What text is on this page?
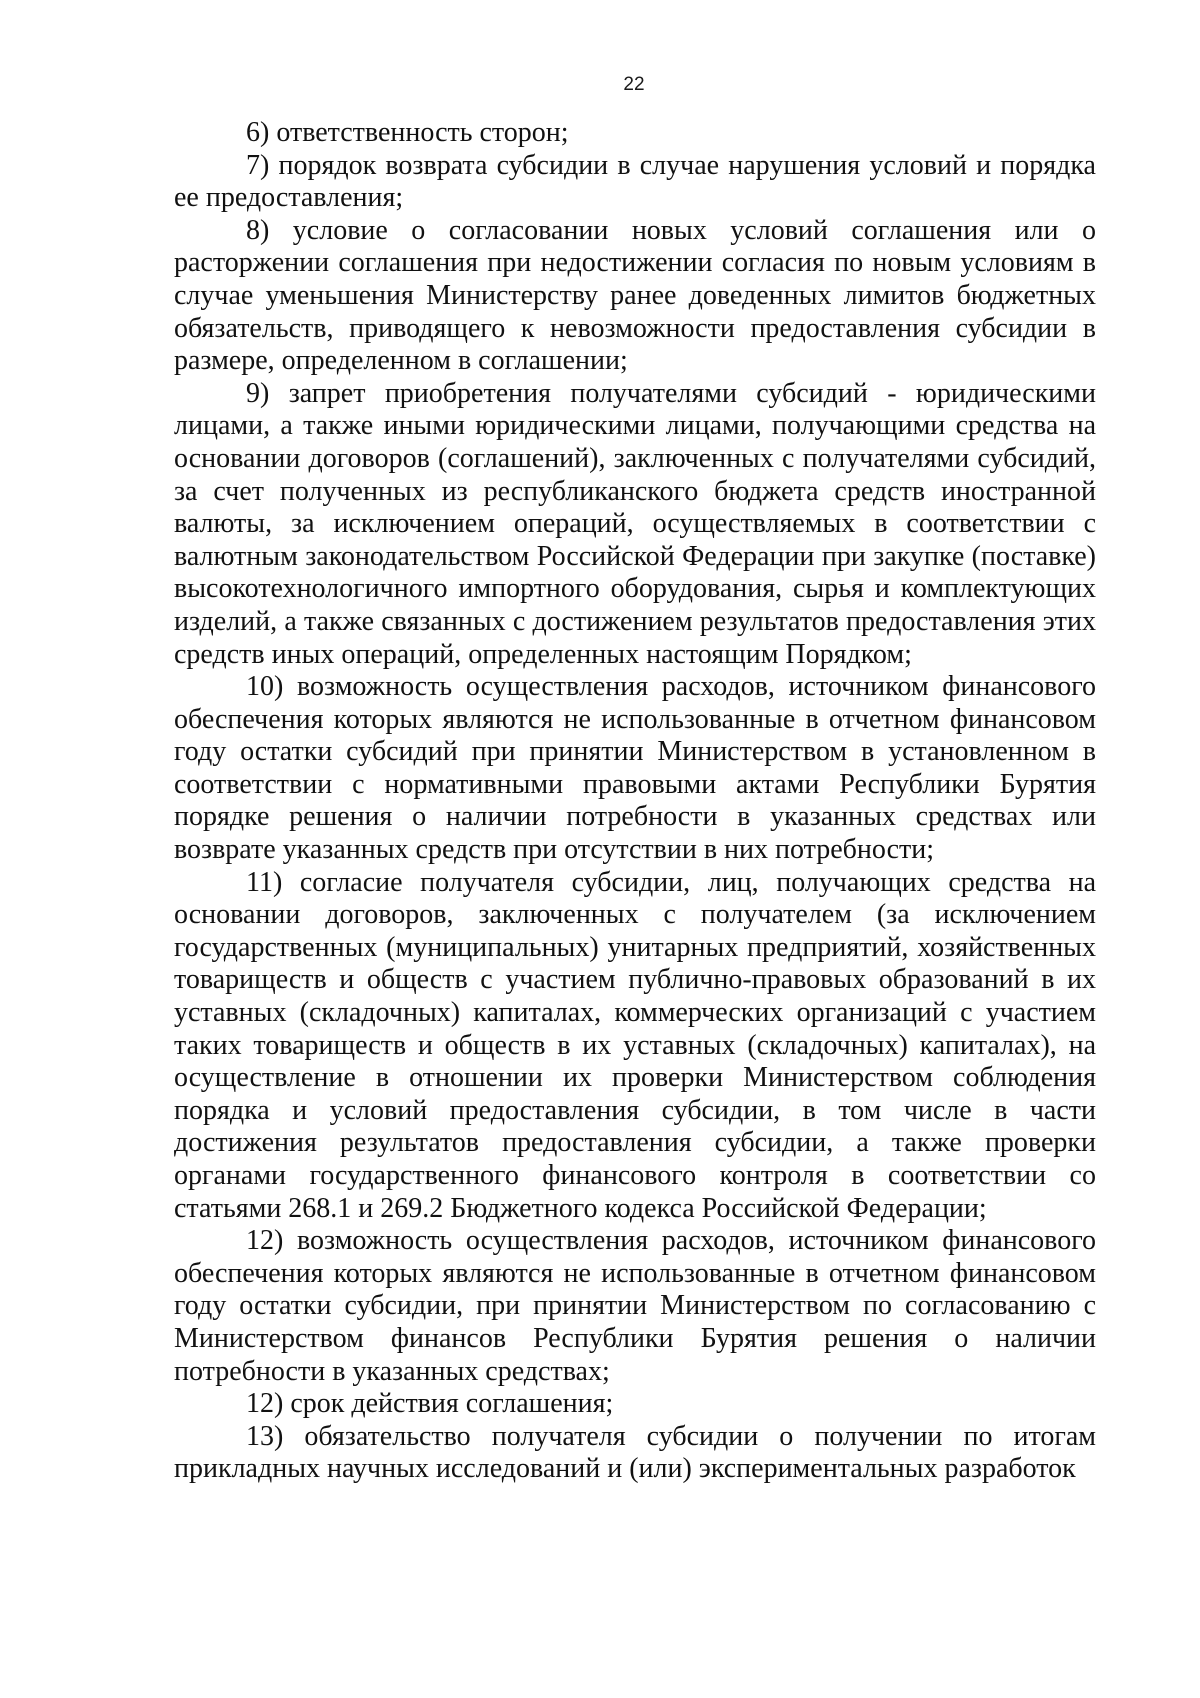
22

6) ответственность сторон;

7) порядок возврата субсидии в случае нарушения условий и порядка ее предоставления;

8) условие о согласовании новых условий соглашения или о расторжении соглашения при недостижении согласия по новым условиям в случае уменьшения Министерству ранее доведенных лимитов бюджетных обязательств, приводящего к невозможности предоставления субсидии в размере, определенном в соглашении;

9) запрет приобретения получателями субсидий - юридическими лицами, а также иными юридическими лицами, получающими средства на основании договоров (соглашений), заключенных с получателями субсидий, за счет полученных из республиканского бюджета средств иностранной валюты, за исключением операций, осуществляемых в соответствии с валютным законодательством Российской Федерации при закупке (поставке) высокотехнологичного импортного оборудования, сырья и комплектующих изделий, а также связанных с достижением результатов предоставления этих средств иных операций, определенных настоящим Порядком;

10) возможность осуществления расходов, источником финансового обеспечения которых являются не использованные в отчетном финансовом году остатки субсидий при принятии Министерством в установленном в соответствии с нормативными правовыми актами Республики Бурятия порядке решения о наличии потребности в указанных средствах или возврате указанных средств при отсутствии в них потребности;

11) согласие получателя субсидии, лиц, получающих средства на основании договоров, заключенных с получателем (за исключением государственных (муниципальных) унитарных предприятий, хозяйственных товариществ и обществ с участием публично-правовых образований в их уставных (складочных) капиталах, коммерческих организаций с участием таких товариществ и обществ в их уставных (складочных) капиталах), на осуществление в отношении их проверки Министерством соблюдения порядка и условий предоставления субсидии, в том числе в части достижения результатов предоставления субсидии, а также проверки органами государственного финансового контроля в соответствии со статьями 268.1 и 269.2 Бюджетного кодекса Российской Федерации;

12) возможность осуществления расходов, источником финансового обеспечения которых являются не использованные в отчетном финансовом году остатки субсидии, при принятии Министерством по согласованию с Министерством финансов Республики Бурятия решения о наличии потребности в указанных средствах;

12) срок действия соглашения;

13) обязательство получателя субсидии о получении по итогам прикладных научных исследований и (или) экспериментальных разработок
